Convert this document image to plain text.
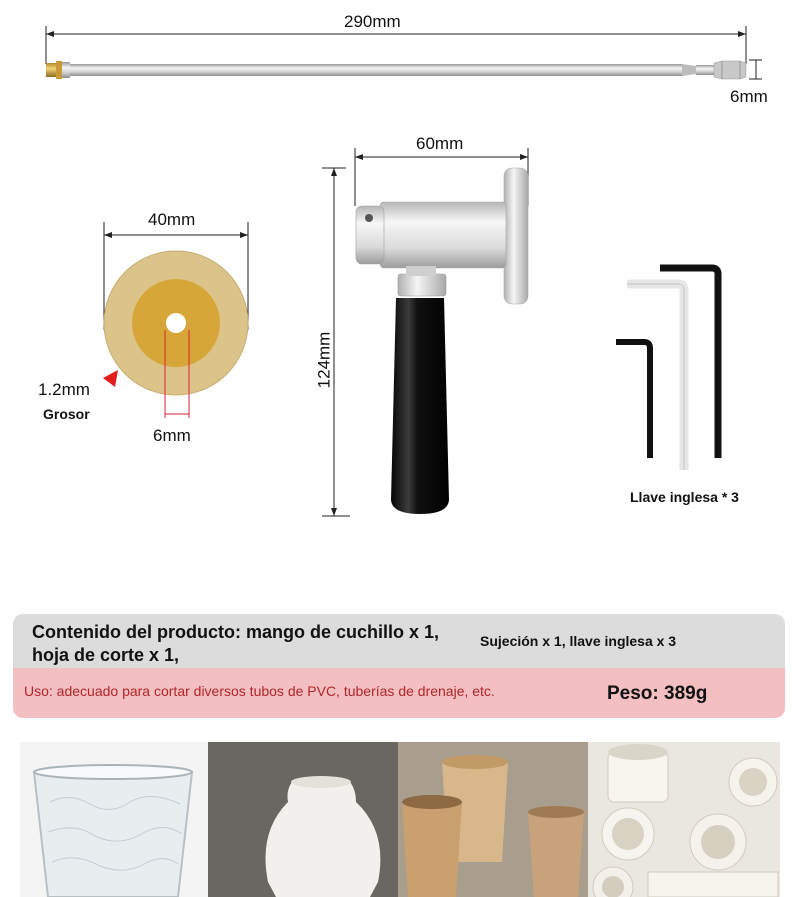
290mm
6mm
40mm
1.2mm
Grosor
6mm
60mm
124mm
Llave inglesa * 3
Contenido del producto: mango de cuchillo x 1,
hoja de corte x 1,
Sujeción x 1, llave inglesa x 3
Uso: adecuado para cortar diversos tubos de PVC, tuberías de drenaje, etc.	Peso: 389g
